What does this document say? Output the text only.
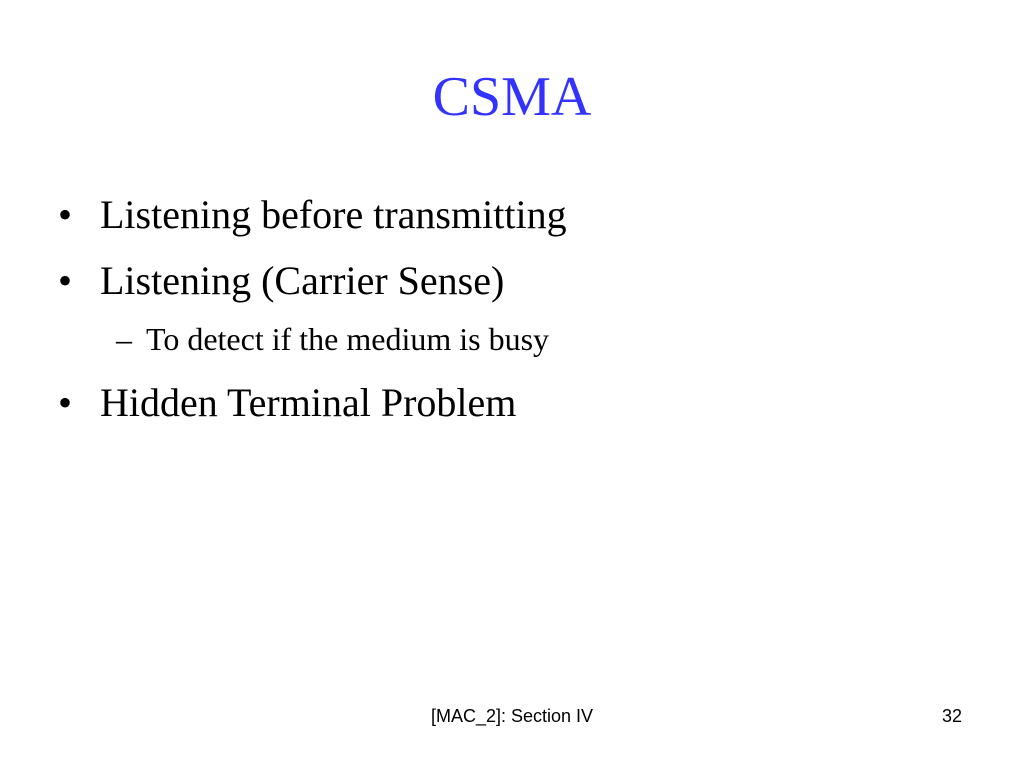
CSMA
• Listening before transmitting
• Listening (Carrier Sense)
– To detect if the medium is busy
• Hidden Terminal Problem
[MAC_2]: Section IV	32
